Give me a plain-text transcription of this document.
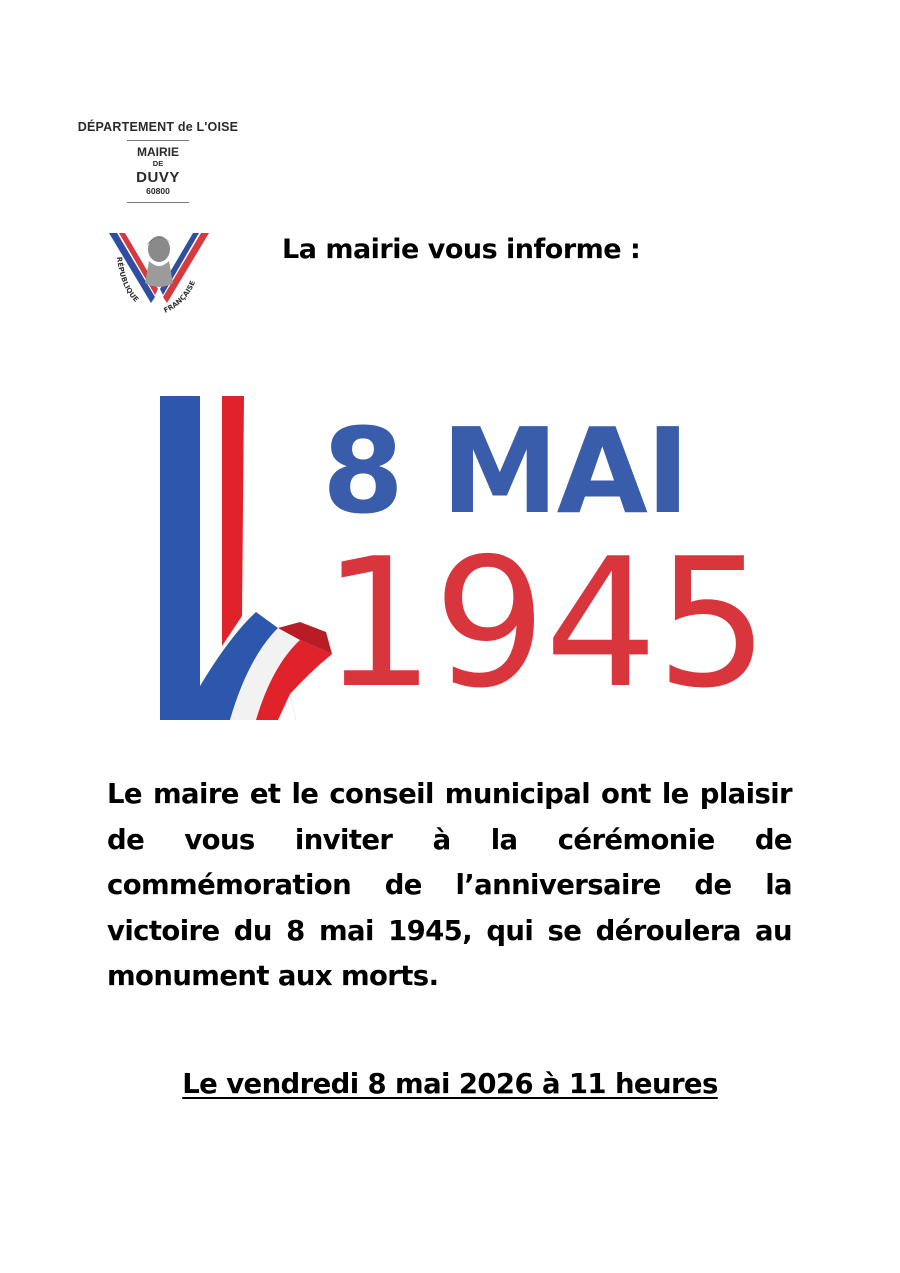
DÉPARTEMENT de L'OISE
MAIRIE
DE
DUVY
60800
RÉPUBLIQUE
FRANÇAISE
La mairie vous informe :
8 MAI
1945

Le maire et le conseil municipal ont le plaisir de vous inviter à la cérémonie de commémoration de l’anniversaire de la victoire du 8 mai 1945, qui se déroulera au monument aux morts.

Le vendredi 8 mai 2026 à 11 heures
